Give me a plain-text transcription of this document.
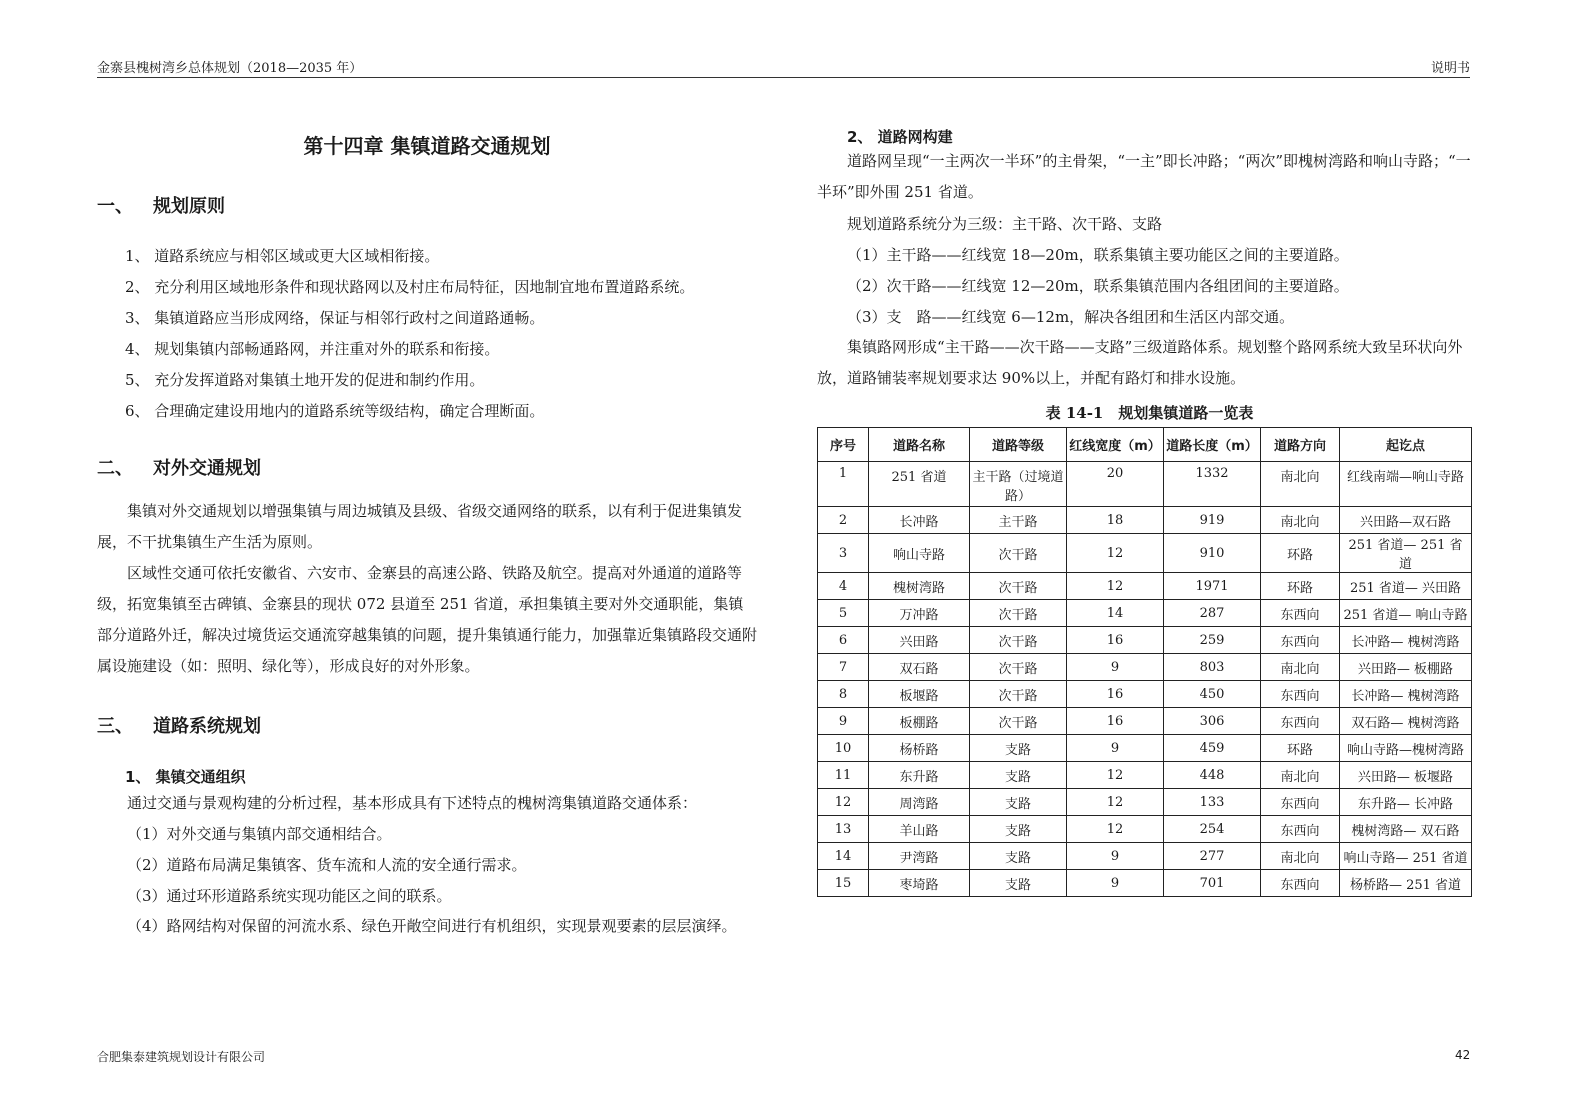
金寨县槐树湾乡总体规划（2018—2035 年）	说明书
第十四章 集镇道路交通规划
一、 规划原则
1、 道路系统应与相邻区域或更大区域相衔接。
2、 充分利用区域地形条件和现状路网以及村庄布局特征，因地制宜地布置道路系统。
3、 集镇道路应当形成网络，保证与相邻行政村之间道路通畅。
4、 规划集镇内部畅通路网，并注重对外的联系和衔接。
5、 充分发挥道路对集镇土地开发的促进和制约作用。
6、 合理确定建设用地内的道路系统等级结构，确定合理断面。
二、 对外交通规划
集镇对外交通规划以增强集镇与周边城镇及县级、省级交通网络的联系，以有利于促进集镇发展，不干扰集镇生产生活为原则。
区域性交通可依托安徽省、六安市、金寨县的高速公路、铁路及航空。提高对外通道的道路等级，拓宽集镇至古碑镇、金寨县的现状 072 县道至 251 省道，承担集镇主要对外交通职能，集镇部分道路外迁，解决过境货运交通流穿越集镇的问题，提升集镇通行能力，加强靠近集镇路段交通附属设施建设（如：照明、绿化等），形成良好的对外形象。
三、 道路系统规划
1、 集镇交通组织
通过交通与景观构建的分析过程，基本形成具有下述特点的槐树湾集镇道路交通体系：
（1）对外交通与集镇内部交通相结合。
（2）道路布局满足集镇客、货车流和人流的安全通行需求。
（3）通过环形道路系统实现功能区之间的联系。
（4）路网结构对保留的河流水系、绿色开敞空间进行有机组织，实现景观要素的层层演绎。
2、 道路网构建
道路网呈现“一主两次一半环”的主骨架，“一主”即长冲路；“两次”即槐树湾路和响山寺路；“一半环”即外围 251 省道。
规划道路系统分为三级：主干路、次干路、支路
（1）主干路——红线宽 18—20m，联系集镇主要功能区之间的主要道路。
（2）次干路——红线宽 12—20m，联系集镇范围内各组团间的主要道路。
（3）支　路——红线宽 6—12m，解决各组团和生活区内部交通。
集镇路网形成“主干路——次干路——支路”三级道路体系。规划整个路网系统大致呈环状向外放，道路铺装率规划要求达 90%以上，并配有路灯和排水设施。
表 14-1　规划集镇道路一览表
序号	道路名称	道路等级	红线宽度（m）	道路长度（m）	道路方向	起讫点
1	251 省道	主干路（过境道路）	20	1332	南北向	红线南端—响山寺路
2	长冲路	主干路	18	919	南北向	兴田路—双石路
3	响山寺路	次干路	12	910	环路	251 省道— 251 省道
4	槐树湾路	次干路	12	1971	环路	251 省道— 兴田路
5	万冲路	次干路	14	287	东西向	251 省道— 响山寺路
6	兴田路	次干路	16	259	东西向	长冲路— 槐树湾路
7	双石路	次干路	9	803	南北向	兴田路— 板棚路
8	板堰路	次干路	16	450	东西向	长冲路— 槐树湾路
9	板棚路	次干路	16	306	东西向	双石路— 槐树湾路
10	杨桥路	支路	9	459	环路	响山寺路—槐树湾路
11	东升路	支路	12	448	南北向	兴田路— 板堰路
12	周湾路	支路	12	133	东西向	东升路— 长冲路
13	羊山路	支路	12	254	东西向	槐树湾路— 双石路
14	尹湾路	支路	9	277	南北向	响山寺路— 251 省道
15	枣埼路	支路	9	701	东西向	杨桥路— 251 省道
合肥集泰建筑规划设计有限公司	42
